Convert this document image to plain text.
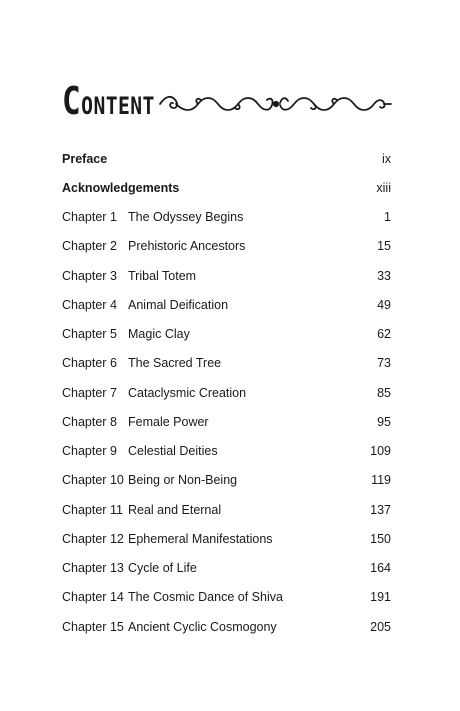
CONTENT
Preface	ix
Acknowledgements	xiii
Chapter 1 The Odyssey Begins	1
Chapter 2 Prehistoric Ancestors	15
Chapter 3 Tribal Totem	33
Chapter 4 Animal Deification	49
Chapter 5 Magic Clay	62
Chapter 6 The Sacred Tree	73
Chapter 7 Cataclysmic Creation	85
Chapter 8 Female Power	95
Chapter 9 Celestial Deities	109
Chapter 10 Being or Non-Being	119
Chapter 11 Real and Eternal	137
Chapter 12 Ephemeral Manifestations	150
Chapter 13 Cycle of Life	164
Chapter 14 The Cosmic Dance of Shiva	191
Chapter 15 Ancient Cyclic Cosmogony	205
